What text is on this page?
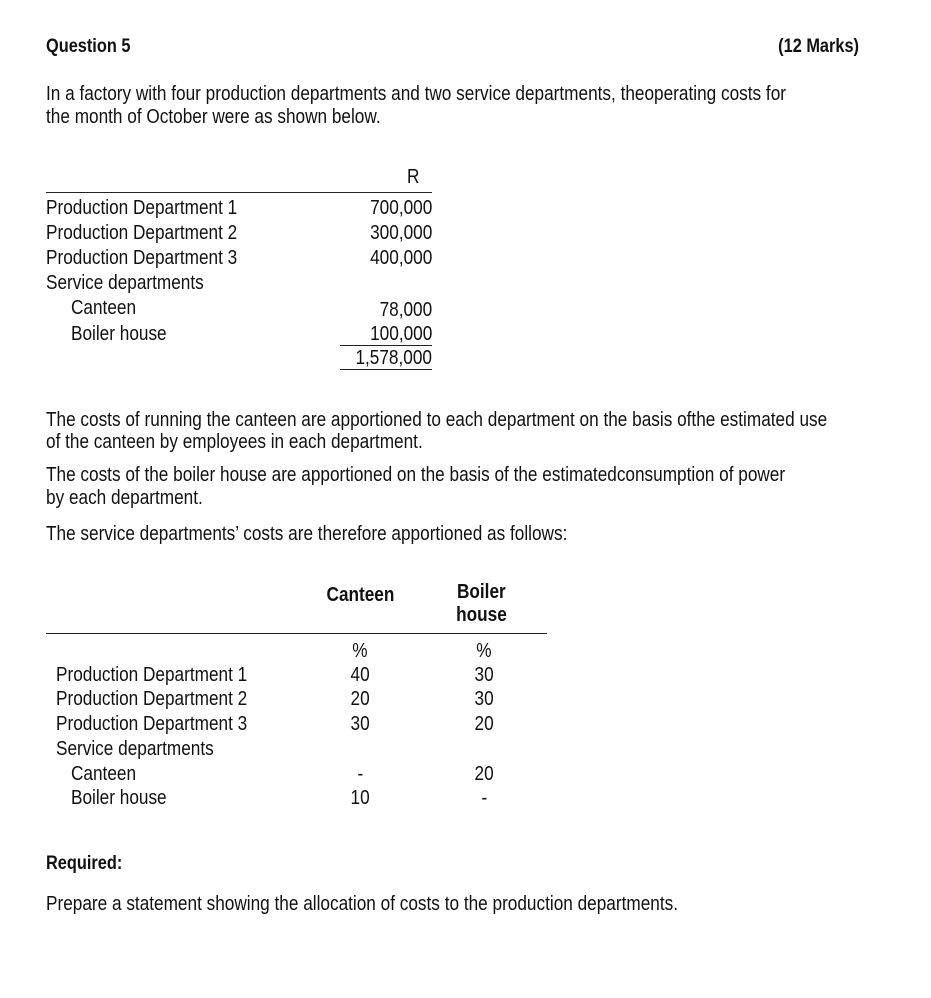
Question 5	(12 Marks)
In a factory with four production departments and two service departments, theoperating costs for
the month of October were as shown below.
R
Production Department 1	700,000
Production Department 2	300,000
Production Department 3	400,000
Service departments
Canteen	78,000
Boiler house	100,000
1,578,000
The costs of running the canteen are apportioned to each department on the basis ofthe estimated use
of the canteen by employees in each department.
The costs of the boiler house are apportioned on the basis of the estimatedconsumption of power
by each department.
The service departments’ costs are therefore apportioned as follows:
Canteen	Boiler
house
%	%
Production Department 1	40	30
Production Department 2	20	30
Production Department 3	30	20
Service departments
Canteen	-	20
Boiler house	10	-
Required:
Prepare a statement showing the allocation of costs to the production departments.
